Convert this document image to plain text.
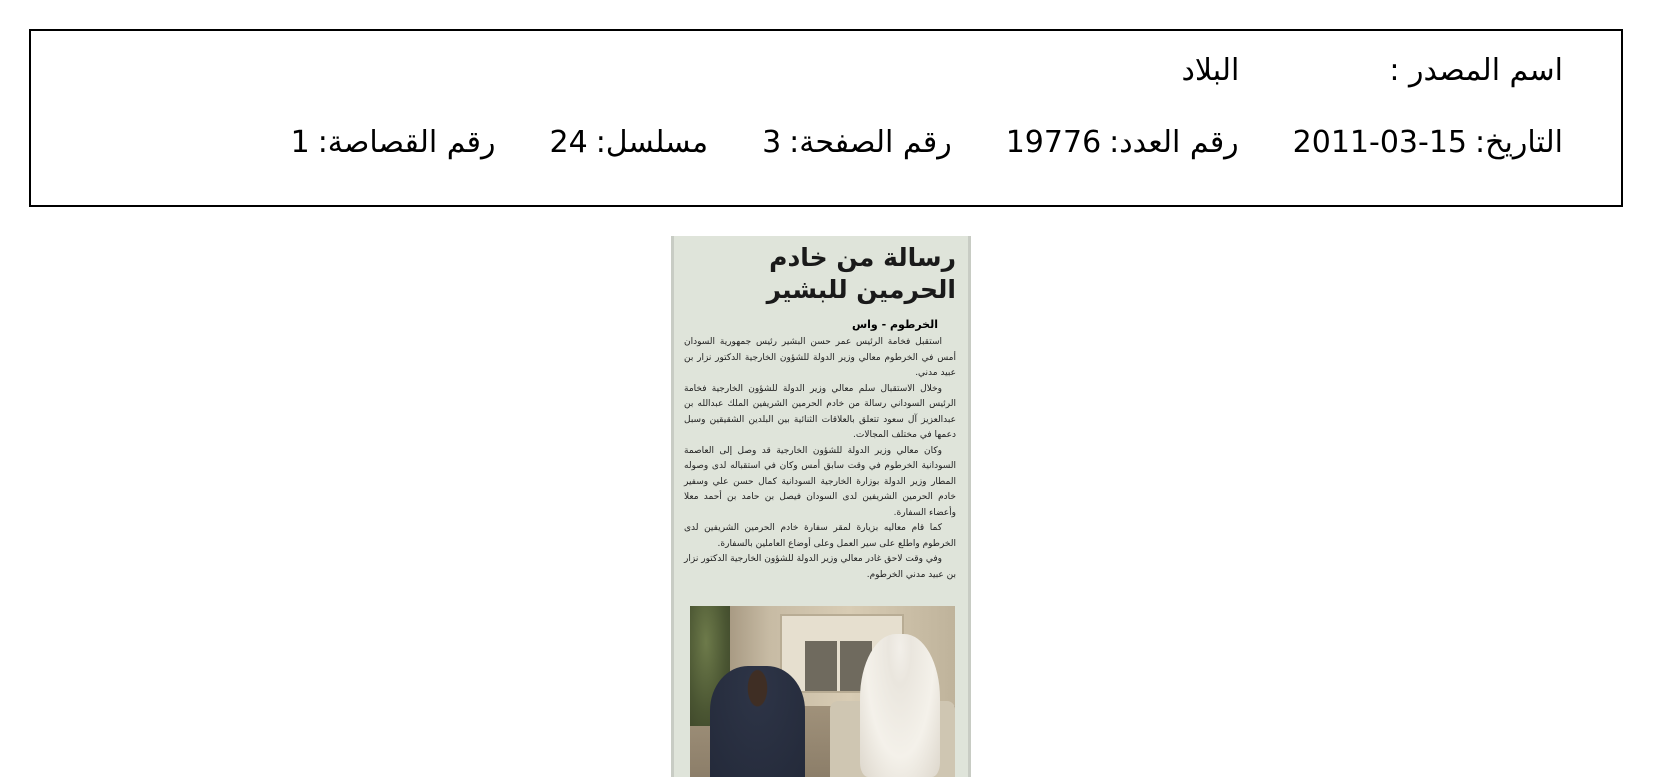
اسم المصدر :
البلاد
التاريخ:
2011-03-15
رقم العدد:
19776
رقم الصفحة:
3
مسلسل:
24
رقم القصاصة:
1
رسالة من خادم الحرمين للبشير
الخرطوم - واس

استقبل فخامة الرئيس عمر حسن البشير رئيس جمهورية السودان أمس في الخرطوم معالي وزير الدولة للشؤون الخارجية الدكتور نزار بن عبيد مدني.

وخلال الاستقبال سلم معالي وزير الدولة للشؤون الخارجية فخامة الرئيس السوداني رسالة من خادم الحرمين الشريفين الملك عبدالله بن عبدالعزيز آل سعود تتعلق بالعلاقات الثنائية بين البلدين الشقيقين وسبل دعمها في مختلف المجالات.

وكان معالي وزير الدولة للشؤون الخارجية قد وصل إلى العاصمة السودانية الخرطوم في وقت سابق أمس وكان في استقباله لدى وصوله المطار وزير الدولة بوزارة الخارجية السودانية كمال حسن علي وسفير خادم الحرمين الشريفين لدى السودان فيصل بن حامد بن أحمد معلا وأعضاء السفارة.

كما قام معاليه بزيارة لمقر سفارة خادم الحرمين الشريفين لدى الخرطوم واطلع على سير العمل وعلى أوضاع العاملين بالسفارة.

وفي وقت لاحق غادر معالي وزير الدولة للشؤون الخارجية الدكتور نزار بن عبيد مدني الخرطوم.
